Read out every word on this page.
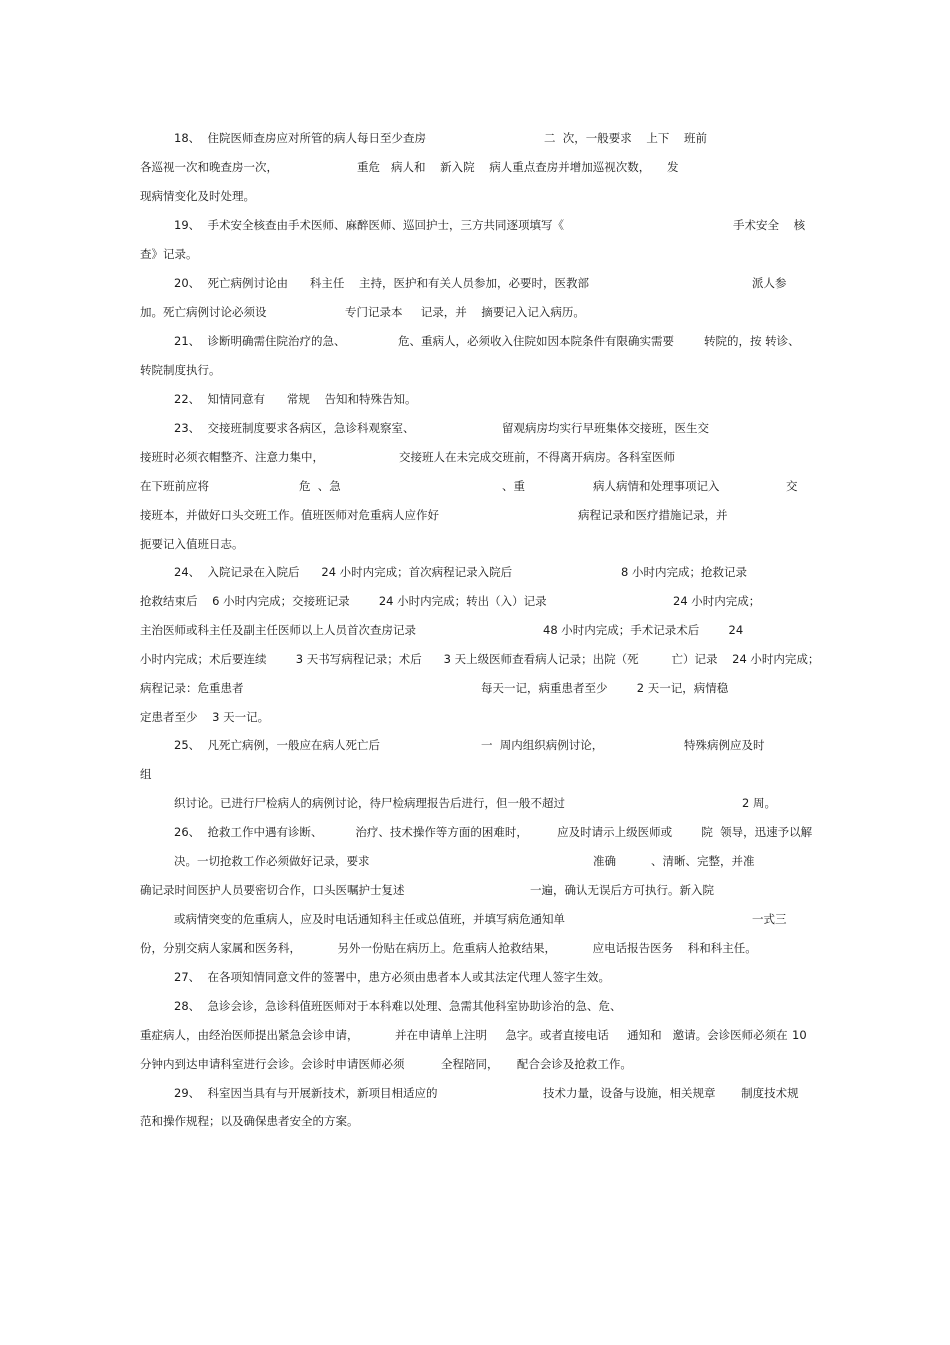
18、  住院医师查房应对所管的病人每日至少查房	二  次，一般要求    上下    班前
各巡视一次和晚查房一次，	重危   病人和    新入院    病人重点查房并增加巡视次数， 发
现病情变化及时处理。
19、  手术安全核查由手术医师、麻醉医师、巡回护士，三方共同逐项填写《	手术安全    核
查》记录。
20、  死亡病例讨论由      科主任    主持，医护和有关人员参加，必要时，医教部	派人参
加。死亡病例讨论必须设	专门记录本     记录，并    摘要记入记入病历。
21、  诊断明确需住院治疗的急、	危、重病人，必须收入住院如因本院条件有限确实需要	转院的，按 转诊、
转院制度执行。
22、  知情同意有      常规    告知和特殊告知。
23、  交接班制度要求各病区，急诊科观察室、	留观病房均实行早班集体交接班，医生交
接班时必须衣帽整齐、注意力集中，	交接班人在未完成交班前，不得离开病房。各科室医师
在下班前应将	危  、急	、重	病人病情和处理事项记入	交
接班本，并做好口头交班工作。值班医师对危重病人应作好	病程记录和医疗措施记录，并
扼要记入值班日志。
24、  入院记录在入院后      24 小时内完成；首次病程记录入院后	8 小时内完成；抢救记录
抢救结束后    6 小时内完成；交接班记录        24 小时内完成；转出（入）记录	24 小时内完成；
主治医师或科主任及副主任医师以上人员首次查房记录	48 小时内完成；手术记录术后        24
小时内完成；术后要连续        3 天书写病程记录；术后      3 天上级医师查看病人记录；出院（死         亡）记录    24 小时内完成；
病程记录：危重患者	每天一记，病重患者至少        2 天一记，病情稳
定患者至少    3 天一记。
25、  凡死亡病例，一般应在病人死亡后	一  周内组织病例讨论，	特殊病例应及时
组
织讨论。已进行尸检病人的病例讨论，待尸检病理报告后进行，但一般不超过	2 周。
26、  抢救工作中遇有诊断、         治疗、技术操作等方面的困难时，        应及时请示上级医师或        院  领导，迅速予以解
决。一切抢救工作必须做好记录，要求	准确	、清晰、完整，并准
确记录时间医护人员要密切合作，口头医嘱护士复述	一遍，确认无误后方可执行。新入院
或病情突变的危重病人，应及时电话通知科主任或总值班，并填写病危通知单	一式三
份，分别交病人家属和医务科，          另外一份贴在病历上。危重病人抢救结果，          应电话报告医务    科和科主任。
27、  在各项知情同意文件的签署中，患方必须由患者本人或其法定代理人签字生效。
28、  急诊会诊，急诊科值班医师对于本科难以处理、急需其他科室协助诊治的急、危、
重症病人，由经治医师提出紧急会诊申请，          并在申请单上注明     急字。或者直接电话     通知和   邀请。会诊医师必须在 10
分钟内到达申请科室进行会诊。会诊时申请医师必须          全程陪同，     配合会诊及抢救工作。
29、  科室因当具有与开展新技术，新项目相适应的	技术力量，设备与设施，相关规章       制度技术规
范和操作规程；以及确保患者安全的方案。
